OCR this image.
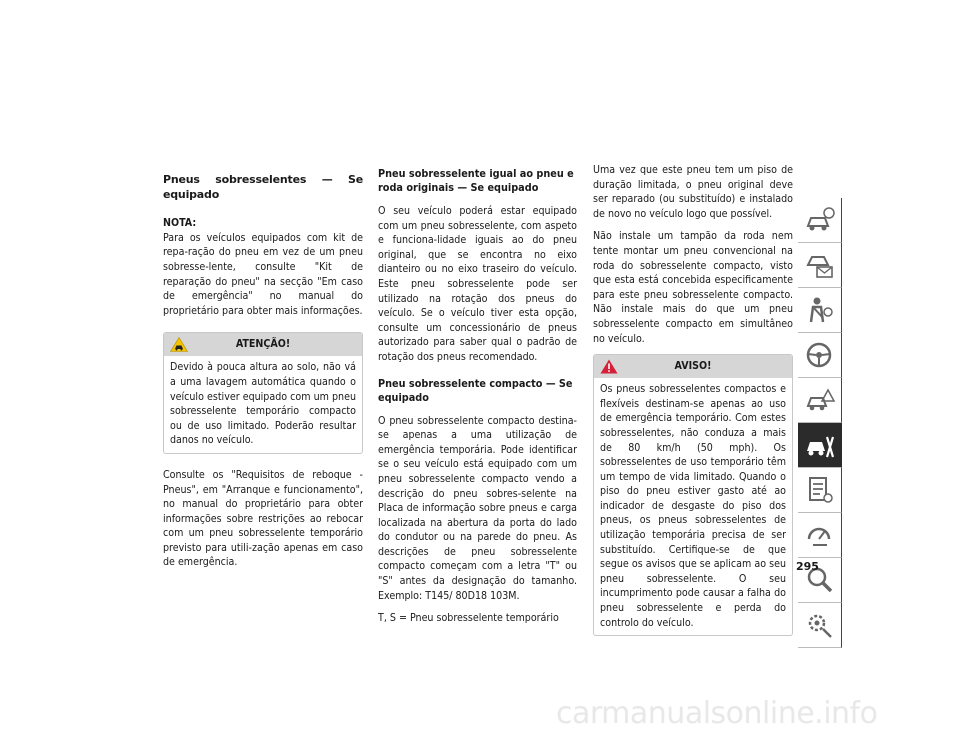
Pneus sobresselentes — Se equipado

NOTA:
Para os veículos equipados com kit de repa-ração do pneu em vez de um pneu sobresse-lente, consulte "Kit de reparação do pneu" na secção "Em caso de emergência" no manual do proprietário para obter mais informações.

ATENÇÃO!
Devido à pouca altura ao solo, não vá a uma lavagem automática quando o veículo estiver equipado com um pneu sobresselente temporário compacto ou de uso limitado. Poderão resultar danos no veículo.

Consulte os "Requisitos de reboque - Pneus", em "Arranque e funcionamento", no manual do proprietário para obter informações sobre restrições ao rebocar com um pneu sobresselente temporário previsto para utili-zação apenas em caso de emergência.

Pneu sobresselente igual ao pneu e roda originais — Se equipado

O seu veículo poderá estar equipado com um pneu sobresselente, com aspeto e funciona-lidade iguais ao do pneu original, que se encontra no eixo dianteiro ou no eixo traseiro do veículo. Este pneu sobresselente pode ser utilizado na rotação dos pneus do veículo. Se o veículo tiver esta opção, consulte um concessionário de pneus autorizado para saber qual o padrão de rotação dos pneus recomendado.

Pneu sobresselente compacto — Se equipado

O pneu sobresselente compacto destina-se apenas a uma utilização de emergência temporária. Pode identificar se o seu veículo está equipado com um pneu sobresselente compacto vendo a descrição do pneu sobres-selente na Placa de informação sobre pneus e carga localizada na abertura da porta do lado do condutor ou na parede do pneu. As descrições de pneu sobresselente compacto começam com a letra "T" ou "S" antes da designação do tamanho. Exemplo: T145/ 80D18 103M.

T, S = Pneu sobresselente temporário

Uma vez que este pneu tem um piso de duração limitada, o pneu original deve ser reparado (ou substituído) e instalado de novo no veículo logo que possível.

Não instale um tampão da roda nem tente montar um pneu convencional na roda do sobresselente compacto, visto que esta está concebida especificamente para este pneu sobresselente compacto. Não instale mais do que um pneu sobresselente compacto em simultâneo no veículo.

AVISO!
Os pneus sobresselentes compactos e flexíveis destinam-se apenas ao uso de emergência temporário. Com estes sobresselentes, não conduza a mais de 80 km/h (50 mph). Os sobresselentes de uso temporário têm um tempo de vida limitado. Quando o piso do pneu estiver gasto até ao indicador de desgaste do piso dos pneus, os pneus sobresselentes de utilização temporária precisa de ser substituído. Certifique-se de que segue os avisos que se aplicam ao seu pneu sobresselente. O seu incumprimento pode causar a falha do pneu sobresselente e perda do controlo do veículo.
295
carmanualsonline.info
